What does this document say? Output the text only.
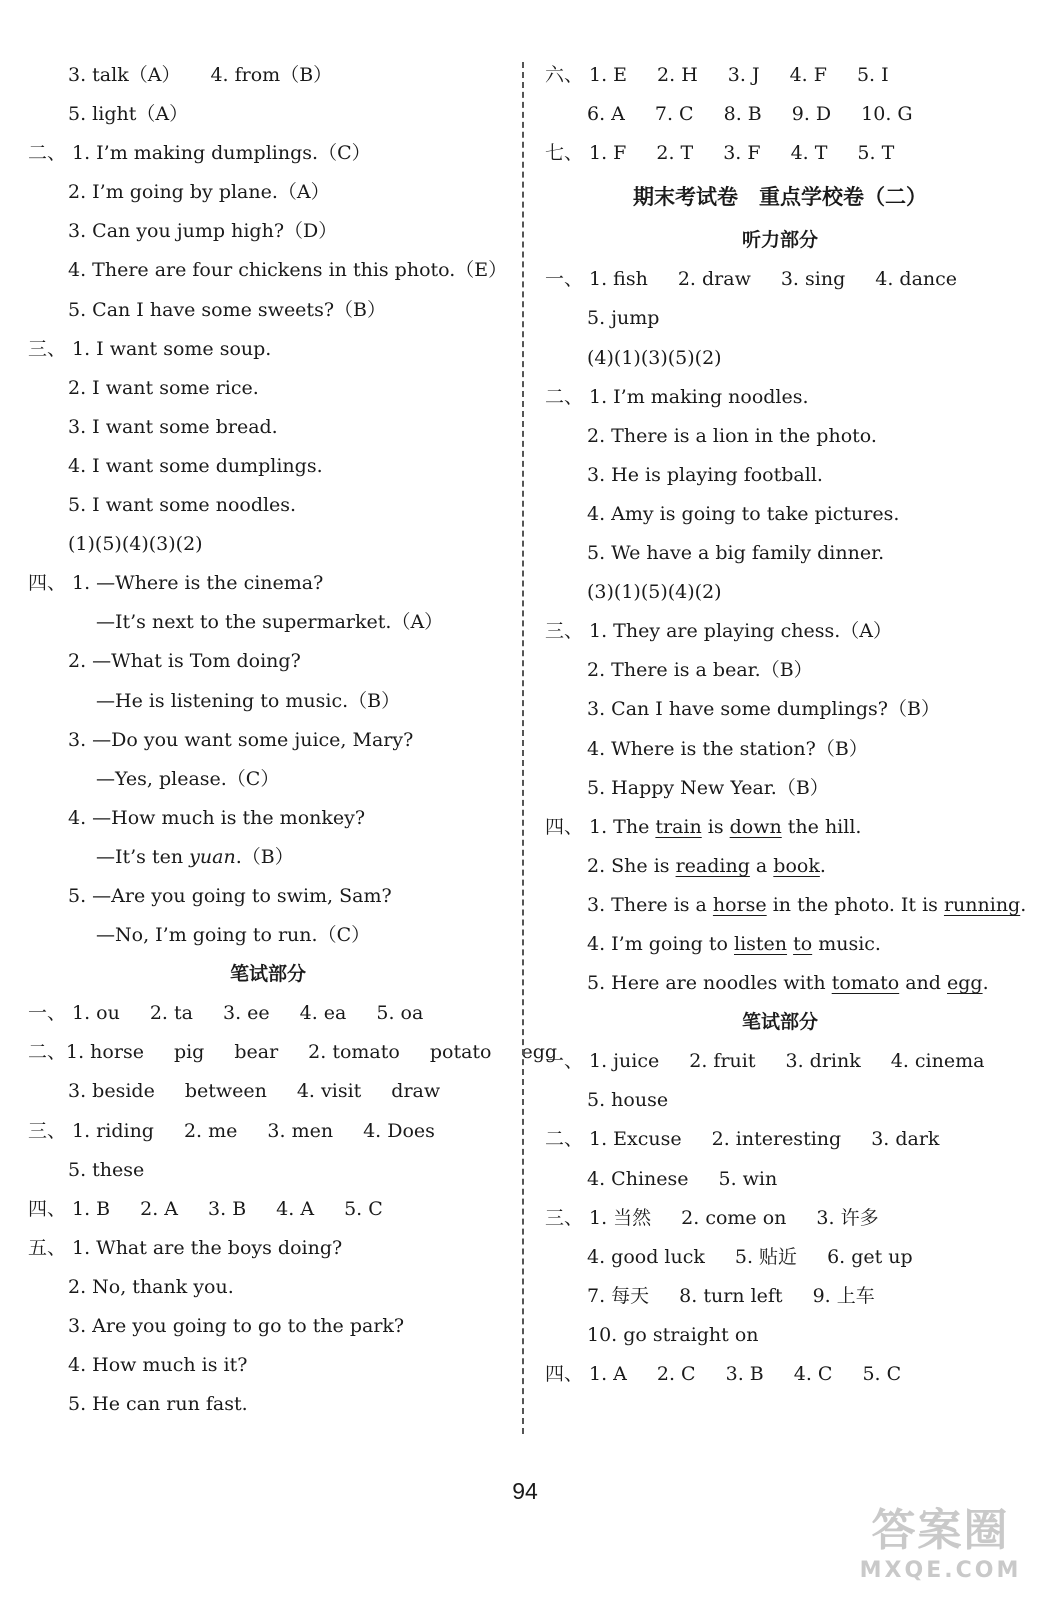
3. talk（A） 4. from（B）
5. light（A）
二、 1. I’m making dumplings.（C）
2. I’m going by plane.（A）
3. Can you jump high?（D）
4. There are four chickens in this photo.（E）
5. Can I have some sweets?（B）
三、 1. I want some soup.
2. I want some rice.
3. I want some bread.
4. I want some dumplings.
5. I want some noodles.
(1)(5)(4)(3)(2)
四、 1. —Where is the cinema?
—It’s next to the supermarket.（A）
2. —What is Tom doing?
—He is listening to music.（B）
3. —Do you want some juice, Mary?
—Yes, please.（C）
4. —How much is the monkey?
—It’s ten yuan.（B）
5. —Are you going to swim, Sam?
—No, I’m going to run.（C）
笔试部分
一、 1. ou 2. ta 3. ee 4. ea 5. oa
二、 1. horse pig bear 2. tomato potato egg
3. beside between 4. visit draw
三、 1. riding 2. me 3. men 4. Does
5. these
四、 1. B 2. A 3. B 4. A 5. C
五、 1. What are the boys doing?
2. No, thank you.
3. Are you going to go to the park?
4. How much is it?
5. He can run fast.
六、 1. E 2. H 3. J 4. F 5. I
6. A 7. C 8. B 9. D 10. G
七、 1. F 2. T 3. F 4. T 5. T
期末考试卷　重点学校卷（二）
听力部分
一、 1. fish 2. draw 3. sing 4. dance
5. jump
(4)(1)(3)(5)(2)
二、 1. I’m making noodles.
2. There is a lion in the photo.
3. He is playing football.
4. Amy is going to take pictures.
5. We have a big family dinner.
(3)(1)(5)(4)(2)
三、 1. They are playing chess.（A）
2. There is a bear.（B）
3. Can I have some dumplings?（B）
4. Where is the station?（B）
5. Happy New Year.（B）
四、 1. The train is down the hill.
2. She is reading a book.
3. There is a horse in the photo. It is running.
4. I’m going to listen to music.
5. Here are noodles with tomato and egg.
笔试部分
一、 1. juice 2. fruit 3. drink 4. cinema
5. house
二、 1. Excuse 2. interesting 3. dark
4. Chinese 5. win
三、 1. 当然 2. come on 3. 许多
4. good luck 5. 贴近 6. get up
7. 每天 8. turn left 9. 上车
10. go straight on
四、 1. A 2. C 3. B 4. C 5. C
94
答案圈
MXQE.COM
